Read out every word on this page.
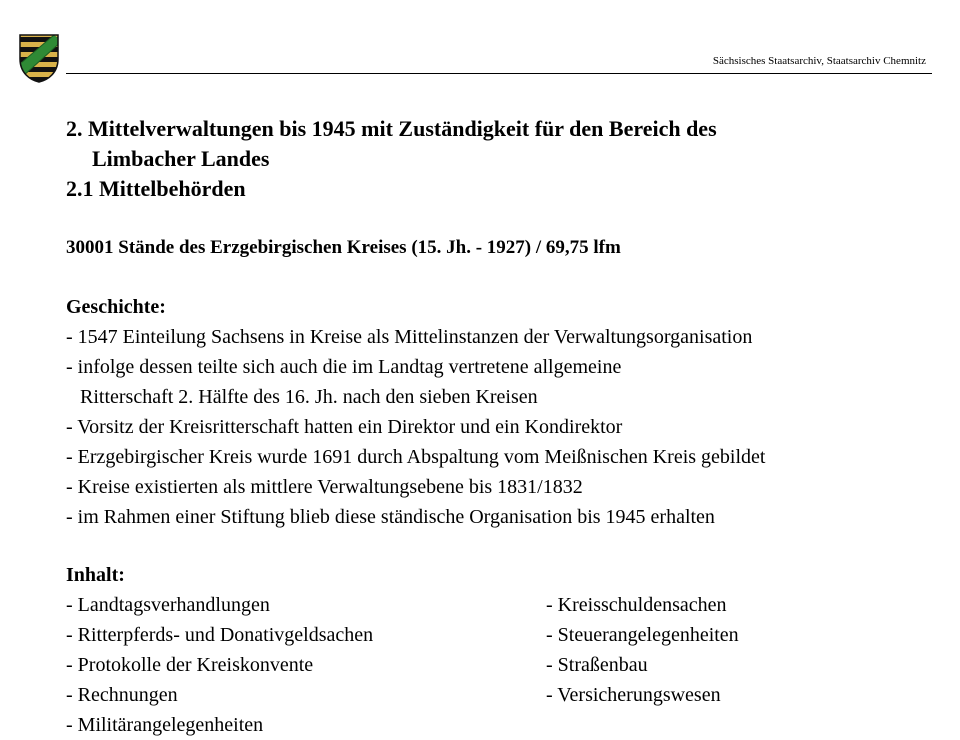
Sächsisches Staatsarchiv, Staatsarchiv Chemnitz
2. Mittelverwaltungen bis 1945 mit Zuständigkeit für den Bereich des
Limbacher Landes
2.1 Mittelbehörden
30001 Stände des Erzgebirgischen Kreises (15. Jh. - 1927) / 69,75 lfm
Geschichte:
- 1547 Einteilung Sachsens in Kreise als Mittelinstanzen der Verwaltungsorganisation
- infolge dessen teilte sich auch die im Landtag vertretene allgemeine
Ritterschaft 2. Hälfte des 16. Jh. nach den sieben Kreisen
- Vorsitz der Kreisritterschaft hatten ein Direktor und ein Kondirektor
- Erzgebirgischer Kreis wurde 1691 durch Abspaltung vom Meißnischen Kreis gebildet
- Kreise existierten als mittlere Verwaltungsebene bis 1831/1832
- im Rahmen einer Stiftung blieb diese ständische Organisation bis 1945 erhalten
Inhalt:
- Landtagsverhandlungen	- Kreisschuldensachen
- Ritterpferds- und Donativgeldsachen	- Steuerangelegenheiten
- Protokolle der Kreiskonvente	- Straßenbau
- Rechnungen	- Versicherungswesen
- Militärangelegenheiten
